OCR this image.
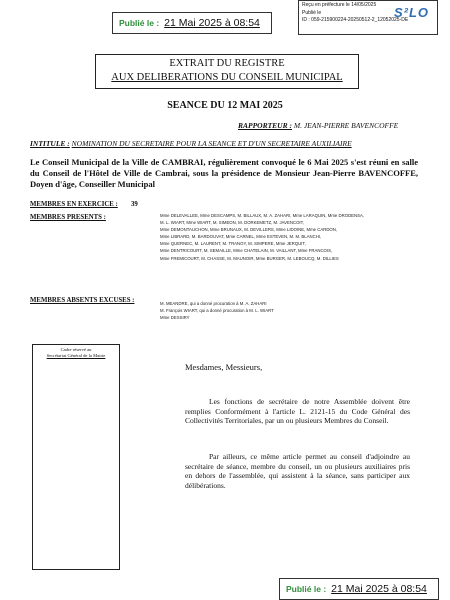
Publié le : 21 Mai 2025 à 08:54
Reçu en préfecture le 14/05/2025
Publié le
ID : 059-215900224-20250512-2_12052025-DE
S²LO
EXTRAIT DU REGISTRE
AUX DELIBERATIONS DU CONSEIL MUNICIPAL
SEANCE DU 12 MAI 2025
RAPPORTEUR : M. JEAN-PIERRE BAVENCOFFE
INTITULE : NOMINATION DU SECRETAIRE POUR LA SEANCE ET D'UN SECRETAIRE AUXILIAIRE
Le Conseil Municipal de la Ville de CAMBRAI, régulièrement convoqué le 6 Mai 2025 s'est réuni en salle du Conseil de l'Hôtel de Ville de Cambrai, sous la présidence de Monsieur Jean-Pierre BAVENCOFFE, Doyen d'âge, Conseiller Municipal
MEMBRES EN EXERCICE : 39
MEMBRES PRESENTS :	Mme DELEVALLEE, Mme DESCAMPS, M. BILLAUX, M. A. ZAHARI, Mme LARAQUIN, Mme DRODENSA,
M. L. WIART, Mme WIART, M. SIMEON, M. DORKEMETZ, M. JAVENCOIT,
Mme DEMONTAUCHON, Mme BRUNAUX, M. DEVILLERS, Mme LIDOINE, Mme CARDON,
Mme LIBRARD, M. BARDOUVAT, Mme CARNEL, Mme ESTEVEN, M. M. BLANCHI,
Mme QUERNEC, M. LAURENT, M. TRANOY, M. SIMPERE, Mme JERQUIT,
Mme DENTRICOURT, M. SEMAILLE, Mme CHATELAIN, M. VAILLANT, Mme FRANCOIS,
Mme FREMICOURT, M. CHASSE, M. MAUNOIR, Mme BURGER, M. LEBOUCQ, M. DILLIES
MEMBRES ABSENTS EXCUSES :	M. MEANDRE, qui a donné procuration à M. A. ZAHARI
M. François WIART, qui a donné procuration à M. L. WIART
Mme DESSIRY
Cadre réservé au
Secrétariat Général de la Mairie
Mesdames, Messieurs,
Les fonctions de secrétaire de notre Assemblée doivent être remplies Conformément à l'article L. 2121-15 du Code Général des Collectivités Territoriales, par un ou plusieurs Membres du Conseil.
Par ailleurs, ce même article permet au conseil d'adjoindre au secrétaire de séance, membre du conseil, un ou plusieurs auxiliaires pris en dehors de l'assemblée, qui assistent à la séance, sans participer aux délibérations.
Publié le : 21 Mai 2025 à 08:54
